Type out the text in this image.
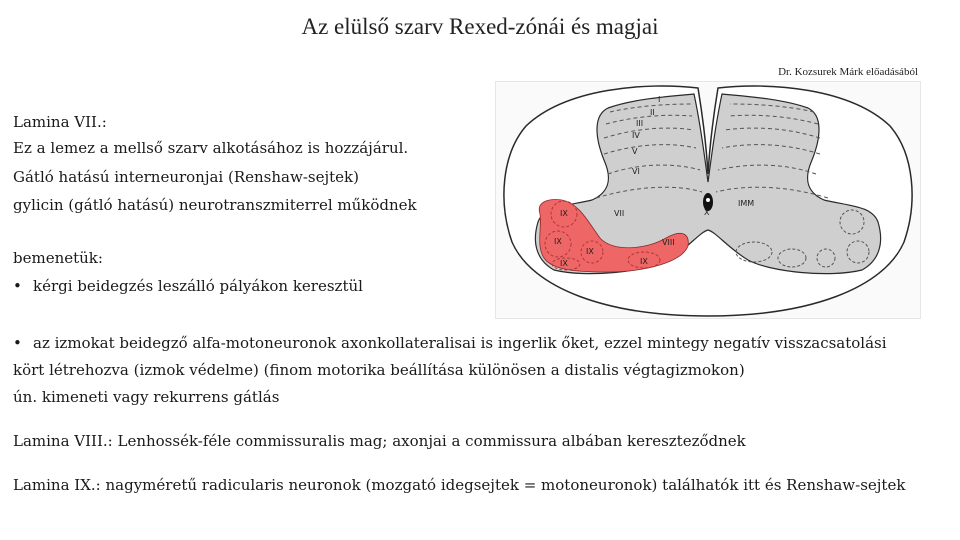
Az elülső szarv Rexed-zónái és magjai
Dr. Kozsurek Márk előadásából
I
II
III
IV
V
VI
VII
VIII
IX
IX
IX
IX	IX
X
IMM
Lamina VII.:
Ez a lemez a mellső szarv alkotásához is hozzájárul.
Gátló hatású interneuronjai (Renshaw-sejtek)
gylicin (gátló hatású) neurotranszmiterrel működnek
bemenetük:
• kérgi beidegzés leszálló pályákon keresztül
• az izmokat beidegző alfa-motoneuronok axonkollateralisai is ingerlik őket, ezzel mintegy negatív visszacsatolási
kört létrehozva (izmok védelme) (finom motorika beállítása különösen a distalis végtagizmokon)
ún. kimeneti vagy rekurrens gátlás
Lamina VIII.: Lenhossék-féle commissuralis mag; axonjai a commissura albában kereszteződnek
Lamina IX.: nagyméretű radicularis neuronok (mozgató idegsejtek = motoneuronok) találhatók itt és Renshaw-sejtek
